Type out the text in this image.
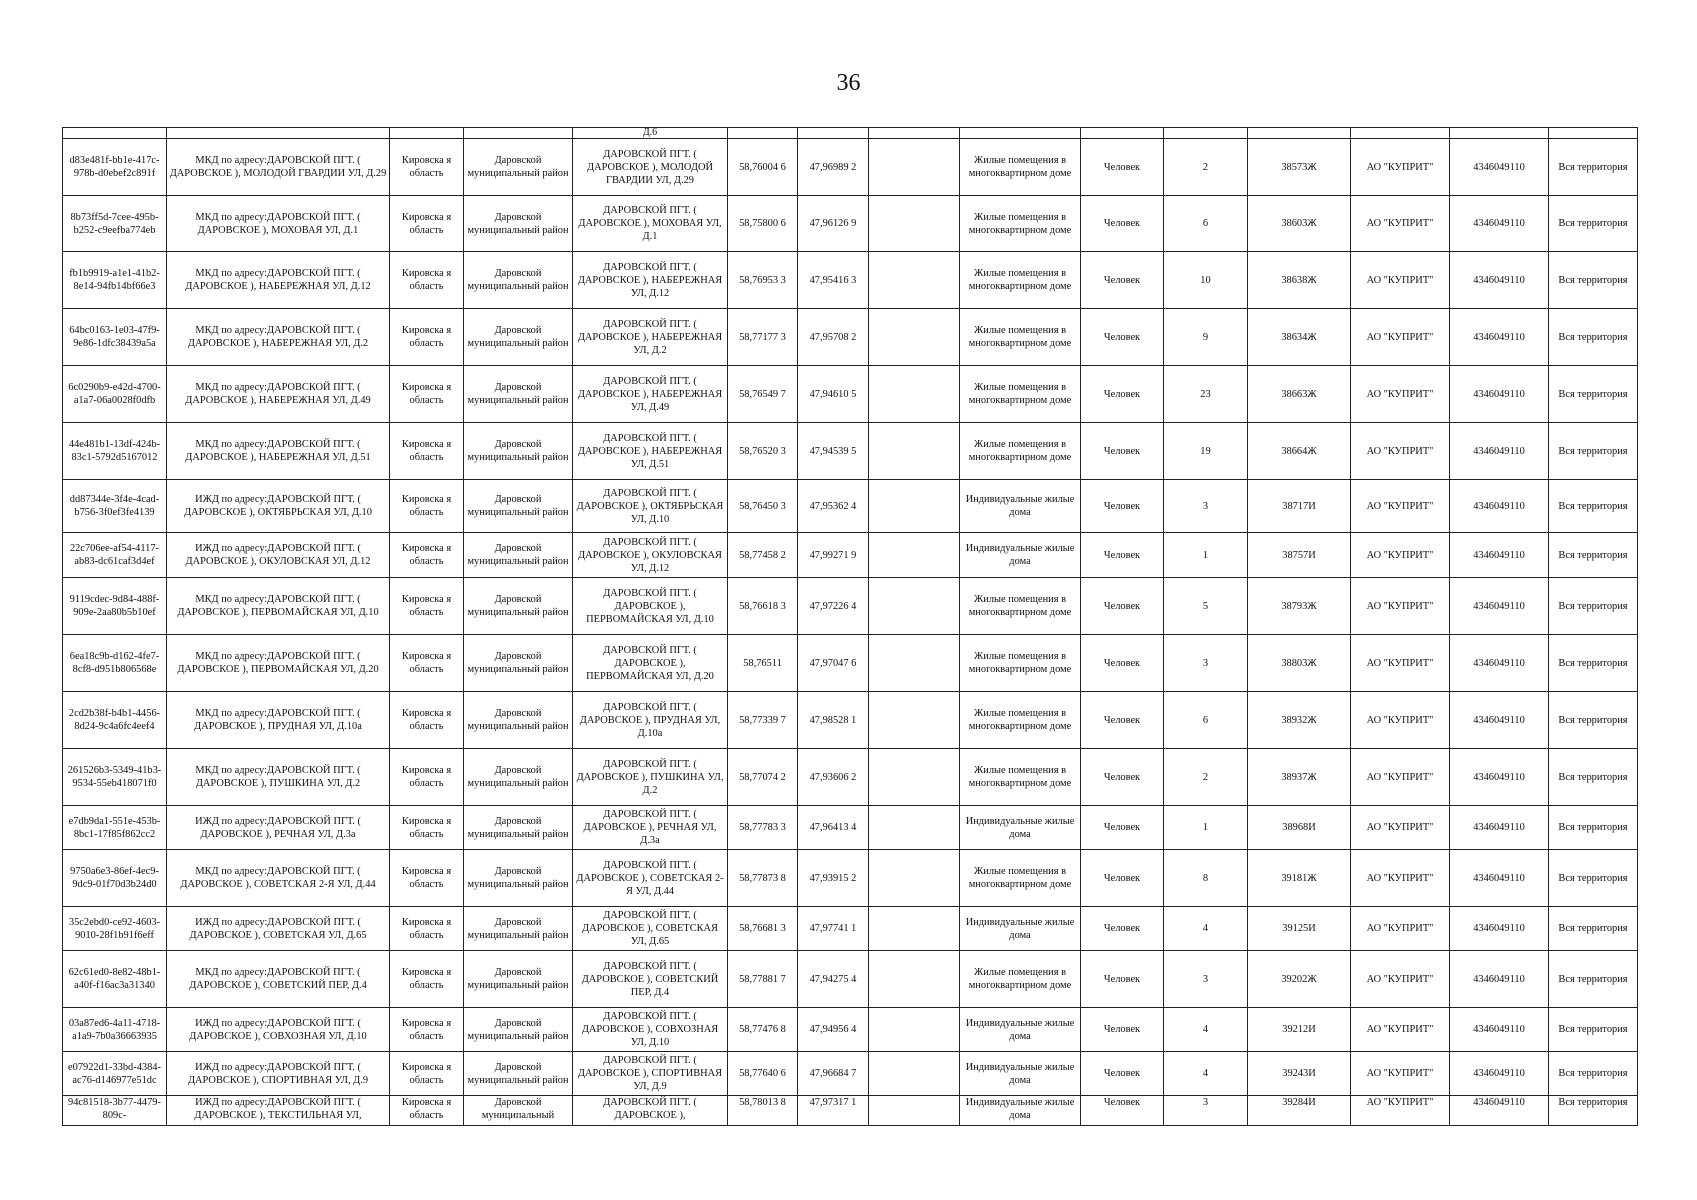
36
				Д.6										
d83e481f-bb1e-417c-978b-d0ebef2c891f	МКД по адресу:ДАРОВСКОЙ ПГТ. ( ДАРОВСКОЕ ), МОЛОДОЙ ГВАРДИИ УЛ, Д.29	Кировска я область	Даровской муниципальный район	ДАРОВСКОЙ ПГТ. ( ДАРОВСКОЕ ), МОЛОДОЙ ГВАРДИИ УЛ, Д.29	58,76004 6	47,96989 2		Жилые помещения в многоквартирном доме	Человек	2	38573Ж	АО "КУПРИТ"	4346049110	Вся территория
8b73ff5d-7cee-495b-b252-c9eefba774eb	МКД по адресу:ДАРОВСКОЙ ПГТ. ( ДАРОВСКОЕ ), МОХОВАЯ УЛ, Д.1	Кировска я область	Даровской муниципальный район	ДАРОВСКОЙ ПГТ. ( ДАРОВСКОЕ ), МОХОВАЯ УЛ, Д.1	58,75800 6	47,96126 9		Жилые помещения в многоквартирном доме	Человек	6	38603Ж	АО "КУПРИТ"	4346049110	Вся территория
fb1b9919-a1e1-41b2-8e14-94fb14bf66e3	МКД по адресу:ДАРОВСКОЙ ПГТ. ( ДАРОВСКОЕ ), НАБЕРЕЖНАЯ УЛ, Д.12	Кировска я область	Даровской муниципальный район	ДАРОВСКОЙ ПГТ. ( ДАРОВСКОЕ ), НАБЕРЕЖНАЯ УЛ, Д.12	58,76953 3	47,95416 3		Жилые помещения в многоквартирном доме	Человек	10	38638Ж	АО "КУПРИТ"	4346049110	Вся территория
64bc0163-1e03-47f9-9e86-1dfc38439a5a	МКД по адресу:ДАРОВСКОЙ ПГТ. ( ДАРОВСКОЕ ), НАБЕРЕЖНАЯ УЛ, Д.2	Кировска я область	Даровской муниципальный район	ДАРОВСКОЙ ПГТ. ( ДАРОВСКОЕ ), НАБЕРЕЖНАЯ УЛ, Д.2	58,77177 3	47,95708 2		Жилые помещения в многоквартирном доме	Человек	9	38634Ж	АО "КУПРИТ"	4346049110	Вся территория
6c0290b9-e42d-4700-a1a7-06a0028f0dfb	МКД по адресу:ДАРОВСКОЙ ПГТ. ( ДАРОВСКОЕ ), НАБЕРЕЖНАЯ УЛ, Д.49	Кировска я область	Даровской муниципальный район	ДАРОВСКОЙ ПГТ. ( ДАРОВСКОЕ ), НАБЕРЕЖНАЯ УЛ, Д.49	58,76549 7	47,94610 5		Жилые помещения в многоквартирном доме	Человек	23	38663Ж	АО "КУПРИТ"	4346049110	Вся территория
44e481b1-13df-424b-83c1-5792d5167012	МКД по адресу:ДАРОВСКОЙ ПГТ. ( ДАРОВСКОЕ ), НАБЕРЕЖНАЯ УЛ, Д.51	Кировска я область	Даровской муниципальный район	ДАРОВСКОЙ ПГТ. ( ДАРОВСКОЕ ), НАБЕРЕЖНАЯ УЛ, Д.51	58,76520 3	47,94539 5		Жилые помещения в многоквартирном доме	Человек	19	38664Ж	АО "КУПРИТ"	4346049110	Вся территория
dd87344e-3f4e-4cad-b756-3f0ef3fe4139	ИЖД по адресу:ДАРОВСКОЙ ПГТ. ( ДАРОВСКОЕ ), ОКТЯБРЬСКАЯ УЛ, Д.10	Кировска я область	Даровской муниципальный район	ДАРОВСКОЙ ПГТ. ( ДАРОВСКОЕ ), ОКТЯБРЬСКАЯ УЛ, Д.10	58,76450 3	47,95362 4		Индивидуальные жилые дома	Человек	3	38717И	АО "КУПРИТ"	4346049110	Вся территория
22c706ee-af54-4117-ab83-dc61caf3d4ef	ИЖД по адресу:ДАРОВСКОЙ ПГТ. ( ДАРОВСКОЕ ), ОКУЛОВСКАЯ УЛ, Д.12	Кировска я область	Даровской муниципальный район	ДАРОВСКОЙ ПГТ. ( ДАРОВСКОЕ ), ОКУЛОВСКАЯ УЛ, Д.12	58,77458 2	47,99271 9		Индивидуальные жилые дома	Человек	1	38757И	АО "КУПРИТ"	4346049110	Вся территория
9119cdec-9d84-488f-909e-2aa80b5b10ef	МКД по адресу:ДАРОВСКОЙ ПГТ. ( ДАРОВСКОЕ ), ПЕРВОМАЙСКАЯ УЛ, Д.10	Кировска я область	Даровской муниципальный район	ДАРОВСКОЙ ПГТ. ( ДАРОВСКОЕ ), ПЕРВОМАЙСКАЯ УЛ, Д.10	58,76618 3	47,97226 4		Жилые помещения в многоквартирном доме	Человек	5	38793Ж	АО "КУПРИТ"	4346049110	Вся территория
6ea18c9b-d162-4fe7-8cf8-d951b806568e	МКД по адресу:ДАРОВСКОЙ ПГТ. ( ДАРОВСКОЕ ), ПЕРВОМАЙСКАЯ УЛ, Д.20	Кировска я область	Даровской муниципальный район	ДАРОВСКОЙ ПГТ. ( ДАРОВСКОЕ ), ПЕРВОМАЙСКАЯ УЛ, Д.20	58,76511	47,97047 6		Жилые помещения в многоквартирном доме	Человек	3	38803Ж	АО "КУПРИТ"	4346049110	Вся территория
2cd2b38f-b4b1-4456-8d24-9c4a6fc4eef4	МКД по адресу:ДАРОВСКОЙ ПГТ. ( ДАРОВСКОЕ ), ПРУДНАЯ УЛ, Д.10а	Кировска я область	Даровской муниципальный район	ДАРОВСКОЙ ПГТ. ( ДАРОВСКОЕ ), ПРУДНАЯ УЛ, Д.10а	58,77339 7	47,98528 1		Жилые помещения в многоквартирном доме	Человек	6	38932Ж	АО "КУПРИТ"	4346049110	Вся территория
261526b3-5349-41b3-9534-55eb418071f0	МКД по адресу:ДАРОВСКОЙ ПГТ. ( ДАРОВСКОЕ ), ПУШКИНА УЛ, Д.2	Кировска я область	Даровской муниципальный район	ДАРОВСКОЙ ПГТ. ( ДАРОВСКОЕ ), ПУШКИНА УЛ, Д.2	58,77074 2	47,93606 2		Жилые помещения в многоквартирном доме	Человек	2	38937Ж	АО "КУПРИТ"	4346049110	Вся территория
e7db9da1-551e-453b-8bc1-17f85f862cc2	ИЖД по адресу:ДАРОВСКОЙ ПГТ. ( ДАРОВСКОЕ ), РЕЧНАЯ УЛ, Д.3а	Кировска я область	Даровской муниципальный район	ДАРОВСКОЙ ПГТ. ( ДАРОВСКОЕ ), РЕЧНАЯ УЛ, Д.3а	58,77783 3	47,96413 4		Индивидуальные жилые дома	Человек	1	38968И	АО "КУПРИТ"	4346049110	Вся территория
9750a6e3-86ef-4ec9-9dc9-01f70d3b24d0	МКД по адресу:ДАРОВСКОЙ ПГТ. ( ДАРОВСКОЕ ), СОВЕТСКАЯ 2-Я УЛ, Д.44	Кировска я область	Даровской муниципальный район	ДАРОВСКОЙ ПГТ. ( ДАРОВСКОЕ ), СОВЕТСКАЯ 2-Я УЛ, Д.44	58,77873 8	47,93915 2		Жилые помещения в многоквартирном доме	Человек	8	39181Ж	АО "КУПРИТ"	4346049110	Вся территория
35c2ebd0-ce92-4603-9010-28f1b91f6eff	ИЖД по адресу:ДАРОВСКОЙ ПГТ. ( ДАРОВСКОЕ ), СОВЕТСКАЯ УЛ, Д.65	Кировска я область	Даровской муниципальный район	ДАРОВСКОЙ ПГТ. ( ДАРОВСКОЕ ), СОВЕТСКАЯ УЛ, Д.65	58,76681 3	47,97741 1		Индивидуальные жилые дома	Человек	4	39125И	АО "КУПРИТ"	4346049110	Вся территория
62c61ed0-8e82-48b1-a40f-f16ac3a31340	МКД по адресу:ДАРОВСКОЙ ПГТ. ( ДАРОВСКОЕ ), СОВЕТСКИЙ ПЕР, Д.4	Кировска я область	Даровской муниципальный район	ДАРОВСКОЙ ПГТ. ( ДАРОВСКОЕ ), СОВЕТСКИЙ ПЕР, Д.4	58,77881 7	47,94275 4		Жилые помещения в многоквартирном доме	Человек	3	39202Ж	АО "КУПРИТ"	4346049110	Вся территория
03a87ed6-4a11-4718-a1a9-7b0a36663935	ИЖД по адресу:ДАРОВСКОЙ ПГТ. ( ДАРОВСКОЕ ), СОВХОЗНАЯ УЛ, Д.10	Кировска я область	Даровской муниципальный район	ДАРОВСКОЙ ПГТ. ( ДАРОВСКОЕ ), СОВХОЗНАЯ УЛ, Д.10	58,77476 8	47,94956 4		Индивидуальные жилые дома	Человек	4	39212И	АО "КУПРИТ"	4346049110	Вся территория
e07922d1-33bd-4384-ac76-d146977e51dc	ИЖД по адресу:ДАРОВСКОЙ ПГТ. ( ДАРОВСКОЕ ), СПОРТИВНАЯ УЛ, Д.9	Кировска я область	Даровской муниципальный район	ДАРОВСКОЙ ПГТ. ( ДАРОВСКОЕ ), СПОРТИВНАЯ УЛ, Д.9	58,77640 6	47,96684 7		Индивидуальные жилые дома	Человек	4	39243И	АО "КУПРИТ"	4346049110	Вся территория
94c81518-3b77-4479-809c-	ИЖД по адресу:ДАРОВСКОЙ ПГТ. ( ДАРОВСКОЕ ), ТЕКСТИЛЬНАЯ УЛ,	Кировска я область	Даровской муниципальный	ДАРОВСКОЙ ПГТ. ( ДАРОВСКОЕ ),	58,78013 8	47,97317 1		Индивидуальные жилые дома	Человек	3	39284И	АО "КУПРИТ"	4346049110	Вся территория
